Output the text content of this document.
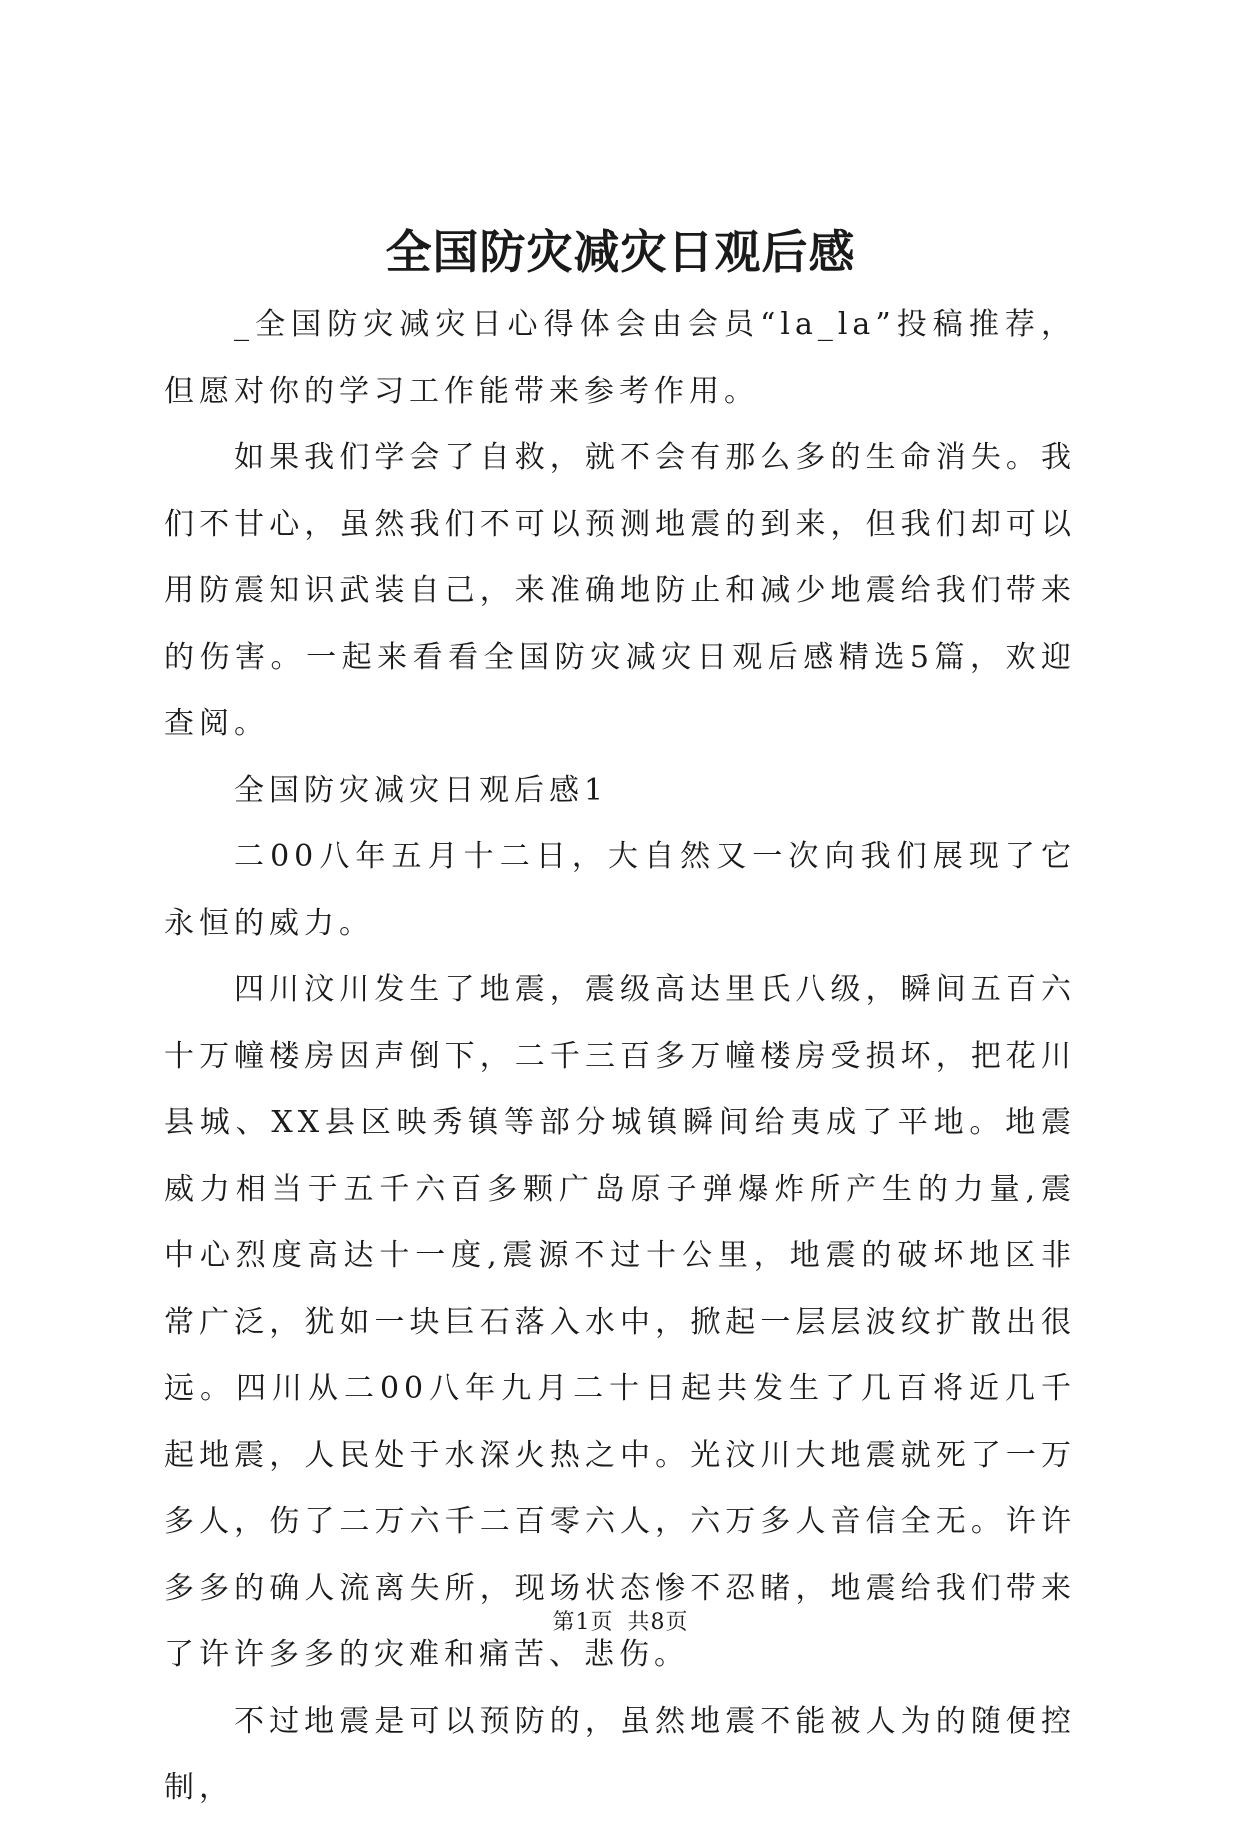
全国防灾减灾日观后感

_全国防灾减灾日心得体会由会员“la_la”投稿推荐，但愿对你的学习工作能带来参考作用。

如果我们学会了自救，就不会有那么多的生命消失。我们不甘心，虽然我们不可以预测地震的到来，但我们却可以用防震知识武装自己，来准确地防止和减少地震给我们带来的伤害。一起来看看全国防灾减灾日观后感精选5篇，欢迎查阅。

全国防灾减灾日观后感1

二00八年五月十二日，大自然又一次向我们展现了它永恒的威力。

四川汶川发生了地震，震级高达里氏八级，瞬间五百六十万幢楼房因声倒下，二千三百多万幢楼房受损坏，把花川县城、XX县区映秀镇等部分城镇瞬间给夷成了平地。地震威力相当于五千六百多颗广岛原子弹爆炸所产生的力量,震中心烈度高达十一度,震源不过十公里，地震的破坏地区非常广泛，犹如一块巨石落入水中，掀起一层层波纹扩散出很远。四川从二00八年九月二十日起共发生了几百将近几千起地震，人民处于水深火热之中。光汶川大地震就死了一万多人，伤了二万六千二百零六人，六万多人音信全无。许许多多的确人流离失所，现场状态惨不忍睹，地震给我们带来了许许多多的灾难和痛苦、悲伤。

不过地震是可以预防的，虽然地震不能被人为的随便控制，

第1页 共8页
